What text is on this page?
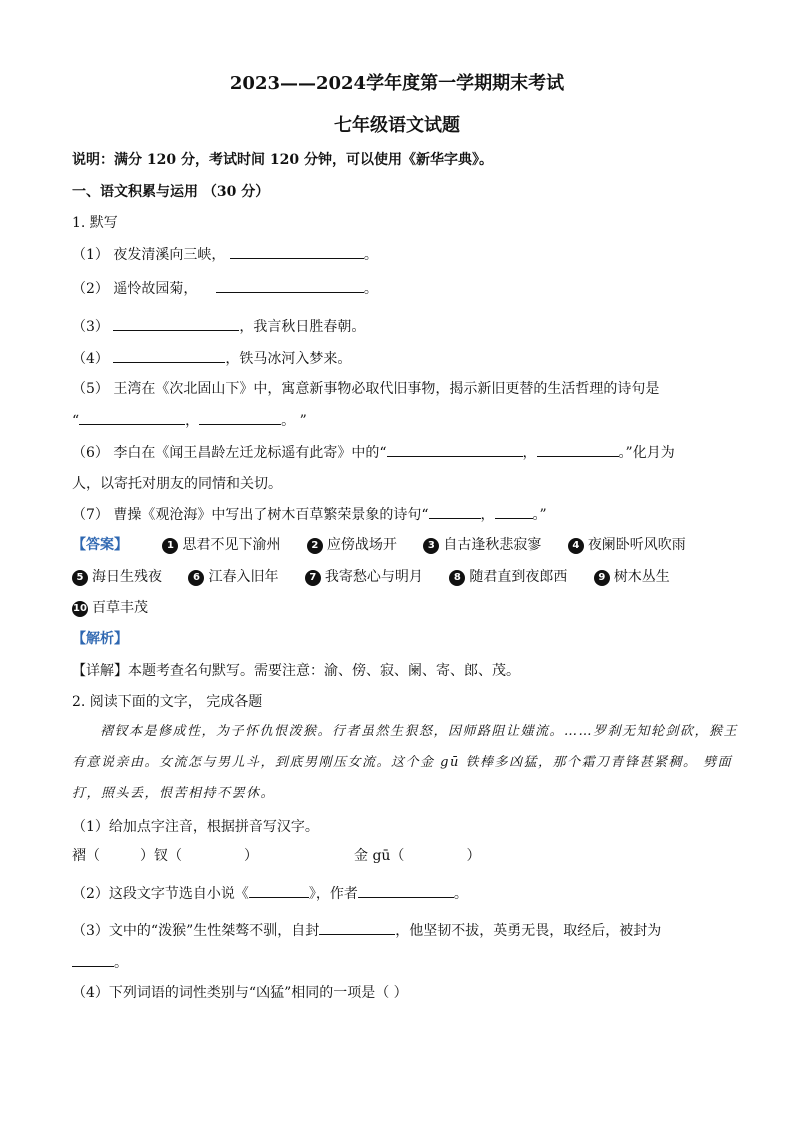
2023——2024学年度第一学期期末考试
七年级语文试题
说明：满分 120 分，考试时间 120 分钟，可以使用《新华字典》。
一、语文积累与运用 （30 分）
1. 默写
（1） 夜发清溪向三峡，	。
（2） 遥怜故园菊，	。
（3）	，我言秋日胜春朝。
（4）	，铁马冰河入梦来。
（5） 王湾在《次北固山下》中，寓意新事物必取代旧事物，揭示新旧更替的生活哲理的诗句是
“	，	。 ”
（6） 李白在《闻王昌龄左迁龙标遥有此寄》中的“	，	。”化月为
人，以寄托对朋友的同情和关切。
（7） 曹操《观沧海》中写出了树木百草繁荣景象的诗句“	，	。”
【答案】	1 思君不见下渝州	2 应傍战场开	3 自古逢秋悲寂寥	4 夜阑卧听风吹雨
5 海日生残夜	6 江春入旧年	7 我寄愁心与明月	8 随君直到夜郎西	9 树木丛生
10 百草丰茂
【解析】
【详解】本题考查名句默写。需要注意：渝、傍、寂、阑、寄、郎、茂。
2. 阅读下面的文字， 完成各题
褶钗本是修成性，为子怀仇恨泼猴。行者虽然生狠怒，因师路阻让媸流。……罗刹无知轮剑砍，猴王
有意说亲由。女流怎与男儿斗，到底男刚压女流。这个金 gū 铁棒多凶猛，那个霜刀青锋甚紧稠。 劈面
打，照头丢，恨苦相持不罢休。
（1）给加点字注音，根据拼音写汉字。
褶（	）钗（	）	金 gū（	）
（2）这段文字节选自小说《	》，作者	。
（3）文中的“泼猴”生性桀骜不驯，自封	，他坚韧不拔，英勇无畏，取经后，被封为
。
（4）下列词语的词性类别与“凶猛”相同的一项是（ ）
